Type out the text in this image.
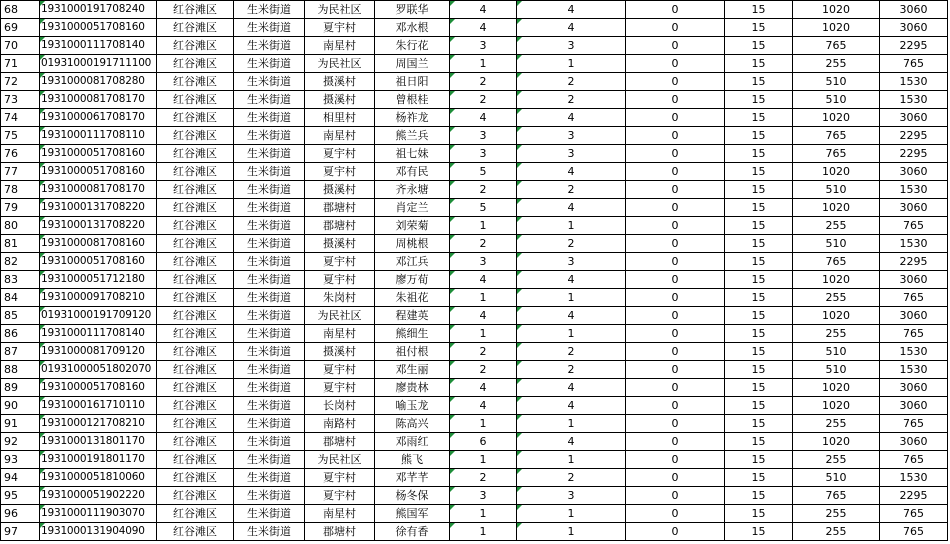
68	1931000191708240	红谷滩区	生米街道	为民社区	罗联华	4	4	0	15	1020	3060
69	1931000051708160	红谷滩区	生米街道	夏宇村	邓水根	4	4	0	15	1020	3060
70	1931000111708140	红谷滩区	生米街道	南星村	朱行花	3	3	0	15	765	2295
71	01931000191711100	红谷滩区	生米街道	为民社区	周国兰	1	1	0	15	255	765
72	1931000081708280	红谷滩区	生米街道	摄溪村	祖日阳	2	2	0	15	510	1530
73	1931000081708170	红谷滩区	生米街道	摄溪村	曾根桂	2	2	0	15	510	1530
74	1931000061708170	红谷滩区	生米街道	相里村	杨祚龙	4	4	0	15	1020	3060
75	1931000111708110	红谷滩区	生米街道	南星村	熊兰兵	3	3	0	15	765	2295
76	1931000051708160	红谷滩区	生米街道	夏宇村	祖七妹	3	3	0	15	765	2295
77	1931000051708160	红谷滩区	生米街道	夏宇村	邓有民	5	4	0	15	1020	3060
78	1931000081708170	红谷滩区	生米街道	摄溪村	齐永塘	2	2	0	15	510	1530
79	1931000131708220	红谷滩区	生米街道	郡塘村	肖定兰	5	4	0	15	1020	3060
80	1931000131708220	红谷滩区	生米街道	郡塘村	刘荣菊	1	1	0	15	255	765
81	1931000081708160	红谷滩区	生米街道	摄溪村	周桃根	2	2	0	15	510	1530
82	1931000051708160	红谷滩区	生米街道	夏宇村	邓江兵	3	3	0	15	765	2295
83	1931000051712180	红谷滩区	生米街道	夏宇村	廖万荀	4	4	0	15	1020	3060
84	1931000091708210	红谷滩区	生米街道	朱岗村	朱祖花	1	1	0	15	255	765
85	01931000191709120	红谷滩区	生米街道	为民社区	程建英	4	4	0	15	1020	3060
86	1931000111708140	红谷滩区	生米街道	南星村	熊细生	1	1	0	15	255	765
87	1931000081709120	红谷滩区	生米街道	摄溪村	祖付根	2	2	0	15	510	1530
88	01931000051802070	红谷滩区	生米街道	夏宇村	邓生丽	2	2	0	15	510	1530
89	1931000051708160	红谷滩区	生米街道	夏宇村	廖贵林	4	4	0	15	1020	3060
90	1931000161710110	红谷滩区	生米街道	长岗村	喻玉龙	4	4	0	15	1020	3060
91	1931000121708210	红谷滩区	生米街道	南路村	陈高兴	1	1	0	15	255	765
92	1931000131801170	红谷滩区	生米街道	郡塘村	邓雨红	6	4	0	15	1020	3060
93	1931000191801170	红谷滩区	生米街道	为民社区	熊飞	1	1	0	15	255	765
94	1931000051810060	红谷滩区	生米街道	夏宇村	邓芊芊	2	2	0	15	510	1530
95	1931000051902220	红谷滩区	生米街道	夏宇村	杨冬保	3	3	0	15	765	2295
96	1931000111903070	红谷滩区	生米街道	南星村	熊国军	1	1	0	15	255	765
97	1931000131904090	红谷滩区	生米街道	郡塘村	徐有香	1	1	0	15	255	765
